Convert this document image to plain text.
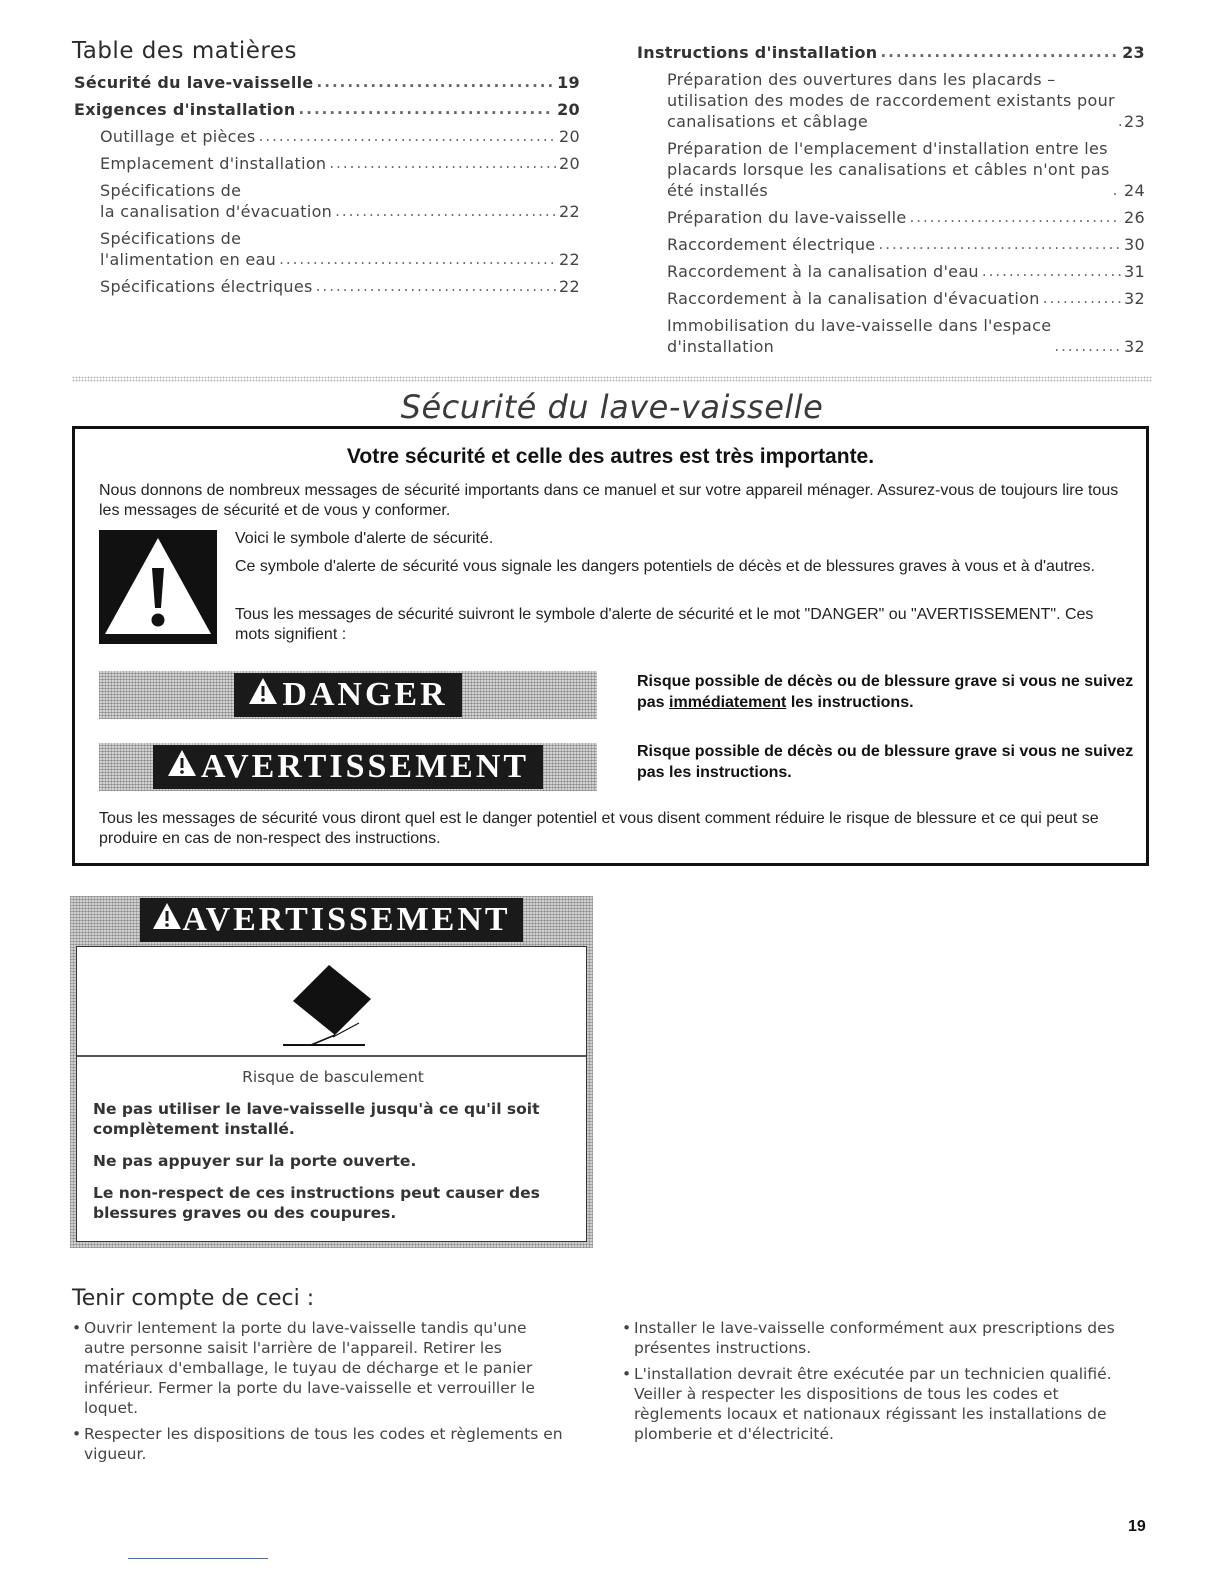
Table des matières
Sécurité du lave-vaisselle .....	19
Exigences d'installation .....	20
Outillage et pièces .....	20
Emplacement d'installation .....	20
Spécifications de
la canalisation d'évacuation .....	22
Spécifications de
l'alimentation en eau .....	22
Spécifications électriques .....	22
Instructions d'installation .....	23
Préparation des ouvertures dans les placards –
utilisation des modes de raccordement existants pour
canalisations et câblage .....	23
Préparation de l'emplacement d'installation entre les
placards lorsque les canalisations et câbles n'ont pas
été installés .....	24
Préparation du lave-vaisselle .....	26
Raccordement électrique .....	30
Raccordement à la canalisation d'eau .....	31
Raccordement à la canalisation d'évacuation .....	32
Immobilisation du lave-vaisselle dans l'espace
d'installation .....	32
Sécurité du lave-vaisselle
Votre sécurité et celle des autres est très importante.
Nous donnons de nombreux messages de sécurité importants dans ce manuel et sur votre appareil ménager. Assurez-vous de toujours lire tous les messages de sécurité et de vous y conformer.
Voici le symbole d'alerte de sécurité.
Ce symbole d'alerte de sécurité vous signale les dangers potentiels de décès et de blessures graves à vous et à d'autres.
Tous les messages de sécurité suivront le symbole d'alerte de sécurité et le mot "DANGER" ou "AVERTISSEMENT". Ces mots signifient :
DANGER	Risque possible de décès ou de blessure grave si vous ne suivez pas immédiatement les instructions.
AVERTISSEMENT	Risque possible de décès ou de blessure grave si vous ne suivez pas les instructions.
Tous les messages de sécurité vous diront quel est le danger potentiel et vous disent comment réduire le risque de blessure et ce qui peut se produire en cas de non-respect des instructions.
AVERTISSEMENT
Risque de basculement
Ne pas utiliser le lave-vaisselle jusqu'à ce qu'il soit complètement installé.
Ne pas appuyer sur la porte ouverte.
Le non-respect de ces instructions peut causer des blessures graves ou des coupures.
Tenir compte de ceci :
• Ouvrir lentement la porte du lave-vaisselle tandis qu'une autre personne saisit l'arrière de l'appareil. Retirer les matériaux d'emballage, le tuyau de décharge et le panier inférieur. Fermer la porte du lave-vaisselle et verrouiller le loquet.
• Respecter les dispositions de tous les codes et règlements en vigueur.
• Installer le lave-vaisselle conformément aux prescriptions des présentes instructions.
• L'installation devrait être exécutée par un technicien qualifié. Veiller à respecter les dispositions de tous les codes et règlements locaux et nationaux régissant les installations de plomberie et d'électricité.
19
